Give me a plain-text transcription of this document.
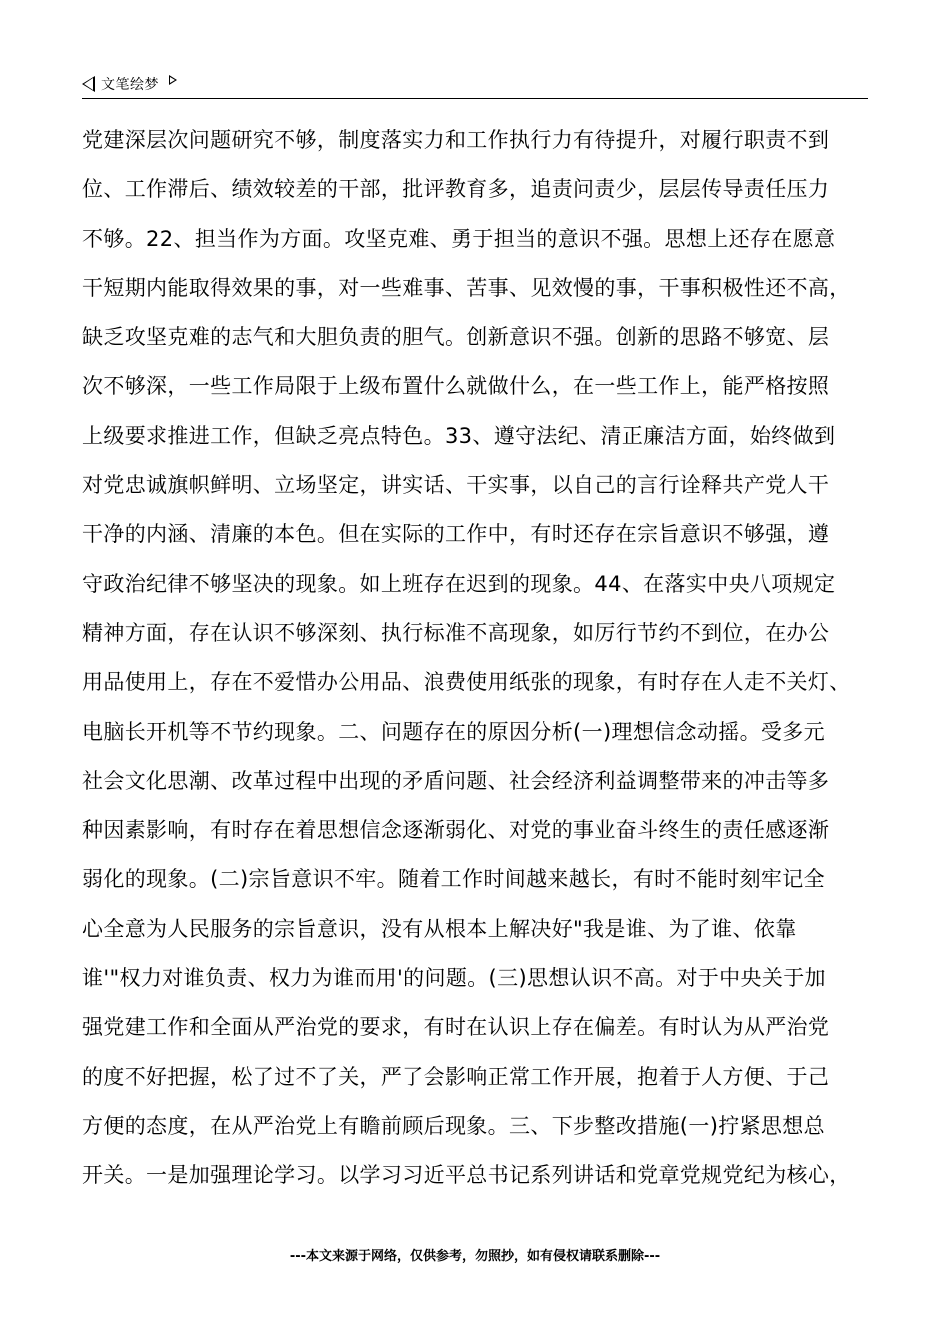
文笔绘梦
党建深层次问题研究不够，制度落实力和工作执行力有待提升，对履行职责不到
位、工作滞后、绩效较差的干部，批评教育多，追责问责少，层层传导责任压力
不够。22、担当作为方面。攻坚克难、勇于担当的意识不强。思想上还存在愿意
干短期内能取得效果的事，对一些难事、苦事、见效慢的事，干事积极性还不高，
缺乏攻坚克难的志气和大胆负责的胆气。创新意识不强。创新的思路不够宽、层
次不够深，一些工作局限于上级布置什么就做什么，在一些工作上，能严格按照
上级要求推进工作，但缺乏亮点特色。33、遵守法纪、清正廉洁方面，始终做到
对党忠诚旗帜鲜明、立场坚定，讲实话、干实事，以自己的言行诠释共产党人干
干净的内涵、清廉的本色。但在实际的工作中，有时还存在宗旨意识不够强，遵
守政治纪律不够坚决的现象。如上班存在迟到的现象。44、在落实中央八项规定
精神方面，存在认识不够深刻、执行标准不高现象，如厉行节约不到位，在办公
用品使用上，存在不爱惜办公用品、浪费使用纸张的现象，有时存在人走不关灯、
电脑长开机等不节约现象。二、问题存在的原因分析(一)理想信念动摇。受多元
社会文化思潮、改革过程中出现的矛盾问题、社会经济利益调整带来的冲击等多
种因素影响，有时存在着思想信念逐渐弱化、对党的事业奋斗终生的责任感逐渐
弱化的现象。(二)宗旨意识不牢。随着工作时间越来越长，有时不能时刻牢记全
心全意为人民服务的宗旨意识，没有从根本上解决好"我是谁、为了谁、依靠
谁'"权力对谁负责、权力为谁而用'的问题。(三)思想认识不高。对于中央关于加
强党建工作和全面从严治党的要求，有时在认识上存在偏差。有时认为从严治党
的度不好把握，松了过不了关，严了会影响正常工作开展，抱着于人方便、于己
方便的态度，在从严治党上有瞻前顾后现象。三、下步整改措施(一)拧紧思想总
开关。一是加强理论学习。以学习习近平总书记系列讲话和党章党规党纪为核心，
---本文来源于网络，仅供参考，勿照抄，如有侵权请联系删除---
